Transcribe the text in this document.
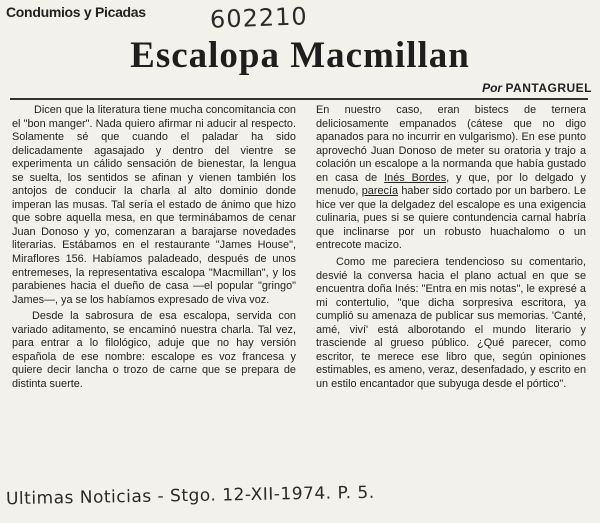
Condumios y Picadas	602210
Escalopa Macmillan
Por PANTAGRUEL

Dicen que la literatura tiene mucha concomitancia con el "bon manger". Nada quiero afirmar ni aducir al respecto. Solamente sé que cuando el paladar ha sido delicadamente agasajado y dentro del vientre se experimenta un cálido sensación de bienestar, la lengua se suelta, los sentidos se afinan y vienen también los antojos de conducir la charla al alto dominio donde imperan las musas. Tal sería el estado de ánimo que hizo que sobre aquella mesa, en que terminábamos de cenar Juan Donoso y yo, comenzaran a barajarse novedades literarias. Estábamos en el restaurante "James House", Miraflores 156. Habíamos paladeado, después de unos entremeses, la representativa escalopa "Macmillan", y los parabienes hacia el dueño de casa —el popular "gringo" James—, ya se los habíamos expresado de viva voz.

Desde la sabrosura de esa escalopa, servida con variado aditamento, se encaminó nuestra charla. Tal vez, para entrar a lo filológico, aduje que no hay versión española de ese nombre: escalope es voz francesa y quiere decir lancha o trozo de carne que se prepara de distinta suerte.

En nuestro caso, eran bistecs de ternera deliciosamente empanados (cátese que no digo apanados para no incurrir en vulgarismo). En ese punto aprovechó Juan Donoso de meter su oratoria y trajo a colación un escalope a la normanda que había gustado en casa de Inés Bordes, y que, por lo delgado y menudo, parecía haber sido cortado por un barbero. Le hice ver que la delgadez del escalope es una exigencia culinaria, pues si se quiere contundencia carnal habría que inclinarse por un robusto huachalomo o un entrecote macizo.

Como me pareciera tendencioso su comentario, desvié la conversa hacia el plano actual en que se encuentra doña Inés: "Entra en mis notas", le expresé a mi contertulio, "que dicha sorpresiva escritora, ya cumplió su amenaza de publicar sus memorias. 'Canté, amé, viví' está alborotando el mundo literario y trasciende al grueso público. ¿Qué parecer, como escritor, te merece ese libro que, según opiniones estimables, es ameno, veraz, desenfadado, y escrito en un estilo encantador que subyuga desde el pórtico".

Ultimas Noticias - Stgo. 12-XII-1974. P. 5.
